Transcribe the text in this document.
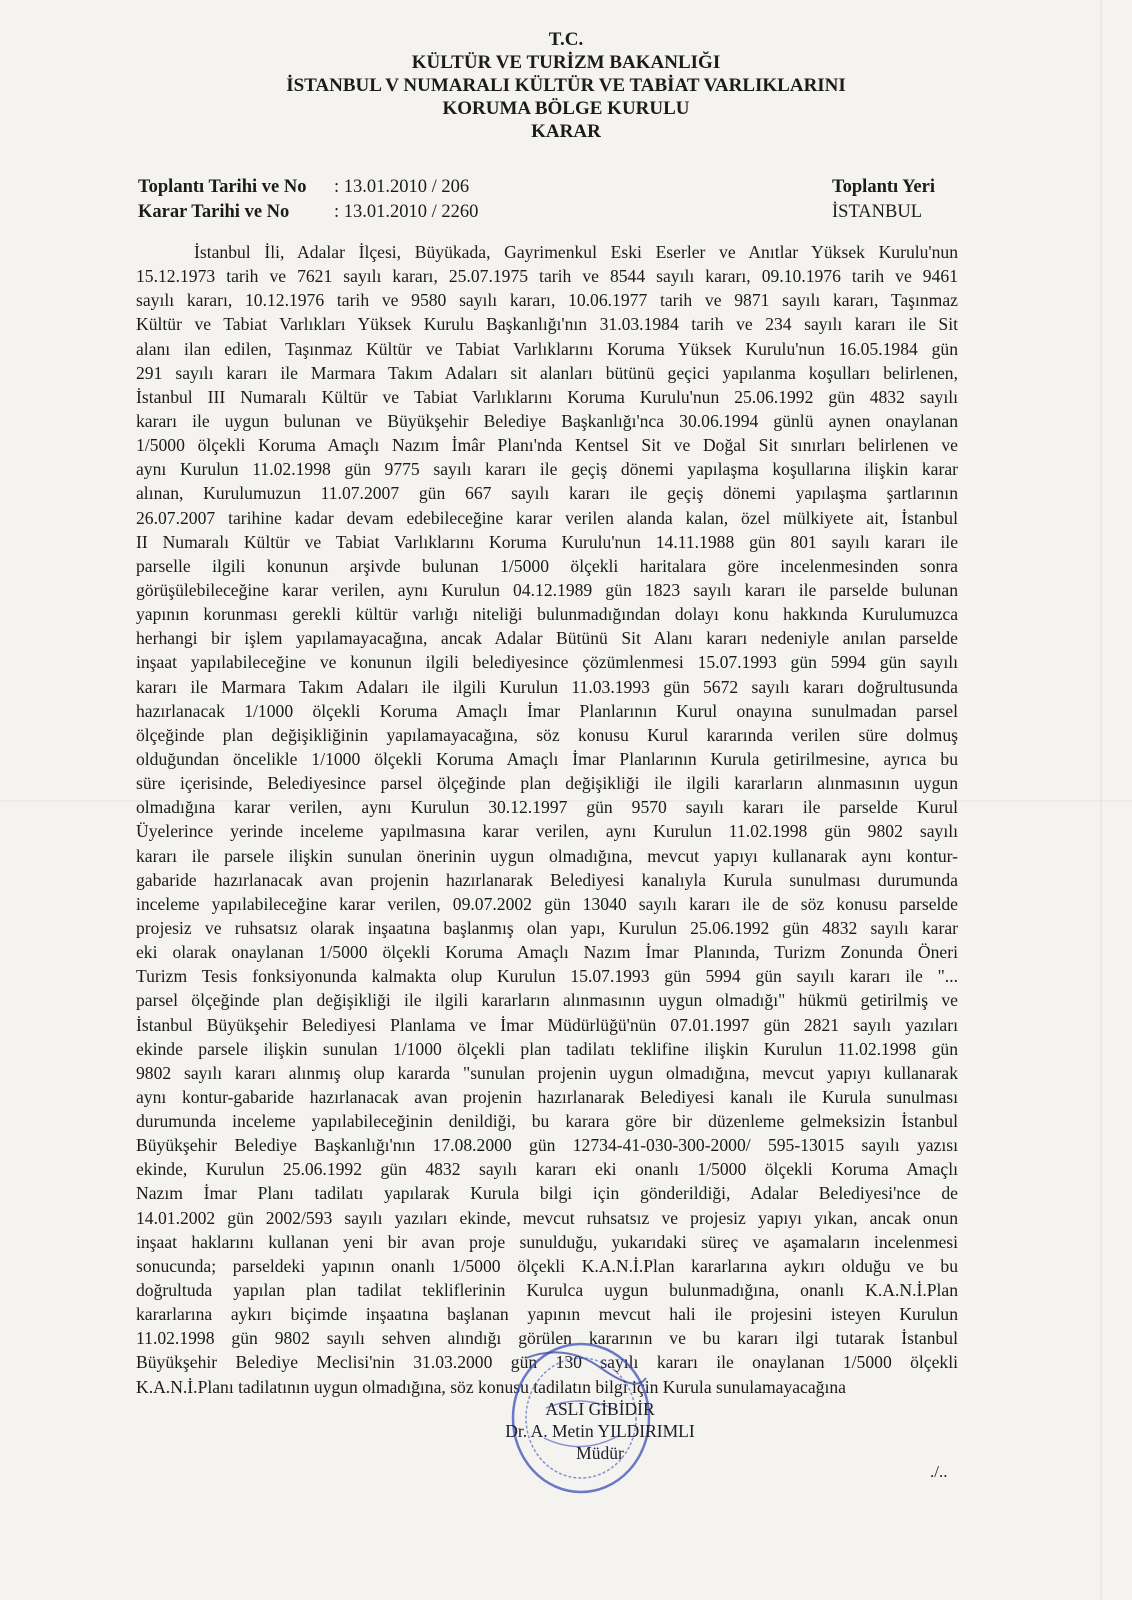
T.C.
KÜLTÜR VE TURİZM BAKANLIĞI
İSTANBUL V NUMARALI KÜLTÜR VE TABİAT VARLIKLARINI
KORUMA BÖLGE KURULU
KARAR
Toplantı Tarihi ve No : 13.01.2010 / 206
Karar Tarihi ve No : 13.01.2010 / 2260
Toplantı Yeri
İSTANBUL
İstanbul İli, Adalar İlçesi, Büyükada, Gayrimenkul Eski Eserler ve Anıtlar Yüksek Kurulu'nun
15.12.1973 tarih ve 7621 sayılı kararı, 25.07.1975 tarih ve 8544 sayılı kararı, 09.10.1976 tarih ve 9461
sayılı kararı, 10.12.1976 tarih ve 9580 sayılı kararı, 10.06.1977 tarih ve 9871 sayılı kararı, Taşınmaz
Kültür ve Tabiat Varlıkları Yüksek Kurulu Başkanlığı'nın 31.03.1984 tarih ve 234 sayılı kararı ile Sit
alanı ilan edilen, Taşınmaz Kültür ve Tabiat Varlıklarını Koruma Yüksek Kurulu'nun 16.05.1984 gün
291 sayılı kararı ile Marmara Takım Adaları sit alanları bütünü geçici yapılanma koşulları belirlenen,
İstanbul III Numaralı Kültür ve Tabiat Varlıklarını Koruma Kurulu'nun 25.06.1992 gün 4832 sayılı
kararı ile uygun bulunan ve Büyükşehir Belediye Başkanlığı'nca 30.06.1994 günlü aynen onaylanan
1/5000 ölçekli Koruma Amaçlı Nazım İmâr Planı'nda Kentsel Sit ve Doğal Sit sınırları belirlenen ve
aynı Kurulun 11.02.1998 gün 9775 sayılı kararı ile geçiş dönemi yapılaşma koşullarına ilişkin karar
alınan, Kurulumuzun 11.07.2007 gün 667 sayılı kararı ile geçiş dönemi yapılaşma şartlarının
26.07.2007 tarihine kadar devam edebileceğine karar verilen alanda kalan, özel mülkiyete ait, İstanbul
II Numaralı Kültür ve Tabiat Varlıklarını Koruma Kurulu'nun 14.11.1988 gün 801 sayılı kararı ile
parselle ilgili konunun arşivde bulunan 1/5000 ölçekli haritalara göre incelenmesinden sonra
görüşülebileceğine karar verilen, aynı Kurulun 04.12.1989 gün 1823 sayılı kararı ile parselde bulunan
yapının korunması gerekli kültür varlığı niteliği bulunmadığından dolayı konu hakkında Kurulumuzca
herhangi bir işlem yapılamayacağına, ancak Adalar Bütünü Sit Alanı kararı nedeniyle anılan parselde
inşaat yapılabileceğine ve konunun ilgili belediyesince çözümlenmesi 15.07.1993 gün 5994 gün sayılı
kararı ile Marmara Takım Adaları ile ilgili Kurulun 11.03.1993 gün 5672 sayılı kararı doğrultusunda
hazırlanacak 1/1000 ölçekli Koruma Amaçlı İmar Planlarının Kurul onayına sunulmadan parsel
ölçeğinde plan değişikliğinin yapılamayacağına, söz konusu Kurul kararında verilen süre dolmuş
olduğundan öncelikle 1/1000 ölçekli Koruma Amaçlı İmar Planlarının Kurula getirilmesine, ayrıca bu
süre içerisinde, Belediyesince parsel ölçeğinde plan değişikliği ile ilgili kararların alınmasının uygun
olmadığına karar verilen, aynı Kurulun 30.12.1997 gün 9570 sayılı kararı ile parselde Kurul
Üyelerince yerinde inceleme yapılmasına karar verilen, aynı Kurulun 11.02.1998 gün 9802 sayılı
kararı ile parsele ilişkin sunulan önerinin uygun olmadığına, mevcut yapıyı kullanarak aynı kontur-
gabaride hazırlanacak avan projenin hazırlanarak Belediyesi kanalıyla Kurula sunulması durumunda
inceleme yapılabileceğine karar verilen, 09.07.2002 gün 13040 sayılı kararı ile de söz konusu parselde
projesiz ve ruhsatsız olarak inşaatına başlanmış olan yapı, Kurulun 25.06.1992 gün 4832 sayılı karar
eki olarak onaylanan 1/5000 ölçekli Koruma Amaçlı Nazım İmar Planında, Turizm Zonunda Öneri
Turizm Tesis fonksiyonunda kalmakta olup Kurulun 15.07.1993 gün 5994 gün sayılı kararı ile "...
parsel ölçeğinde plan değişikliği ile ilgili kararların alınmasının uygun olmadığı" hükmü getirilmiş ve
İstanbul Büyükşehir Belediyesi Planlama ve İmar Müdürlüğü'nün 07.01.1997 gün 2821 sayılı yazıları
ekinde parsele ilişkin sunulan 1/1000 ölçekli plan tadilatı teklifine ilişkin Kurulun 11.02.1998 gün
9802 sayılı kararı alınmış olup kararda "sunulan projenin uygun olmadığına, mevcut yapıyı kullanarak
aynı kontur-gabaride hazırlanacak avan projenin hazırlanarak Belediyesi kanalı ile Kurula sunulması
durumunda inceleme yapılabileceğinin denildiği, bu karara göre bir düzenleme gelmeksizin İstanbul
Büyükşehir Belediye Başkanlığı'nın 17.08.2000 gün 12734-41-030-300-2000/ 595-13015 sayılı yazısı
ekinde, Kurulun 25.06.1992 gün 4832 sayılı kararı eki onanlı 1/5000 ölçekli Koruma Amaçlı
Nazım İmar Planı tadilatı yapılarak Kurula bilgi için gönderildiği, Adalar Belediyesi'nce de
14.01.2002 gün 2002/593 sayılı yazıları ekinde, mevcut ruhsatsız ve projesiz yapıyı yıkan, ancak onun
inşaat haklarını kullanan yeni bir avan proje sunulduğu, yukarıdaki süreç ve aşamaların incelenmesi
sonucunda; parseldeki yapının onanlı 1/5000 ölçekli K.A.N.İ.Plan kararlarına aykırı olduğu ve bu
doğrultuda yapılan plan tadilat tekliflerinin Kurulca uygun bulunmadığına, onanlı K.A.N.İ.Plan
kararlarına aykırı biçimde inşaatına başlanan yapının mevcut hali ile projesini isteyen Kurulun
11.02.1998 gün 9802 sayılı sehven alındığı görülen kararının ve bu kararı ilgi tutarak İstanbul
Büyükşehir Belediye Meclisi'nin 31.03.2000 gün 130 sayılı kararı ile onaylanan 1/5000 ölçekli
K.A.N.İ.Planı tadilatının uygun olmadığına, söz konusu tadilatın bilgi için Kurula sunulamayacağına
ASLI GİBİDİR
Dr. A. Metin YILDIRIMLI
Müdür
./..
